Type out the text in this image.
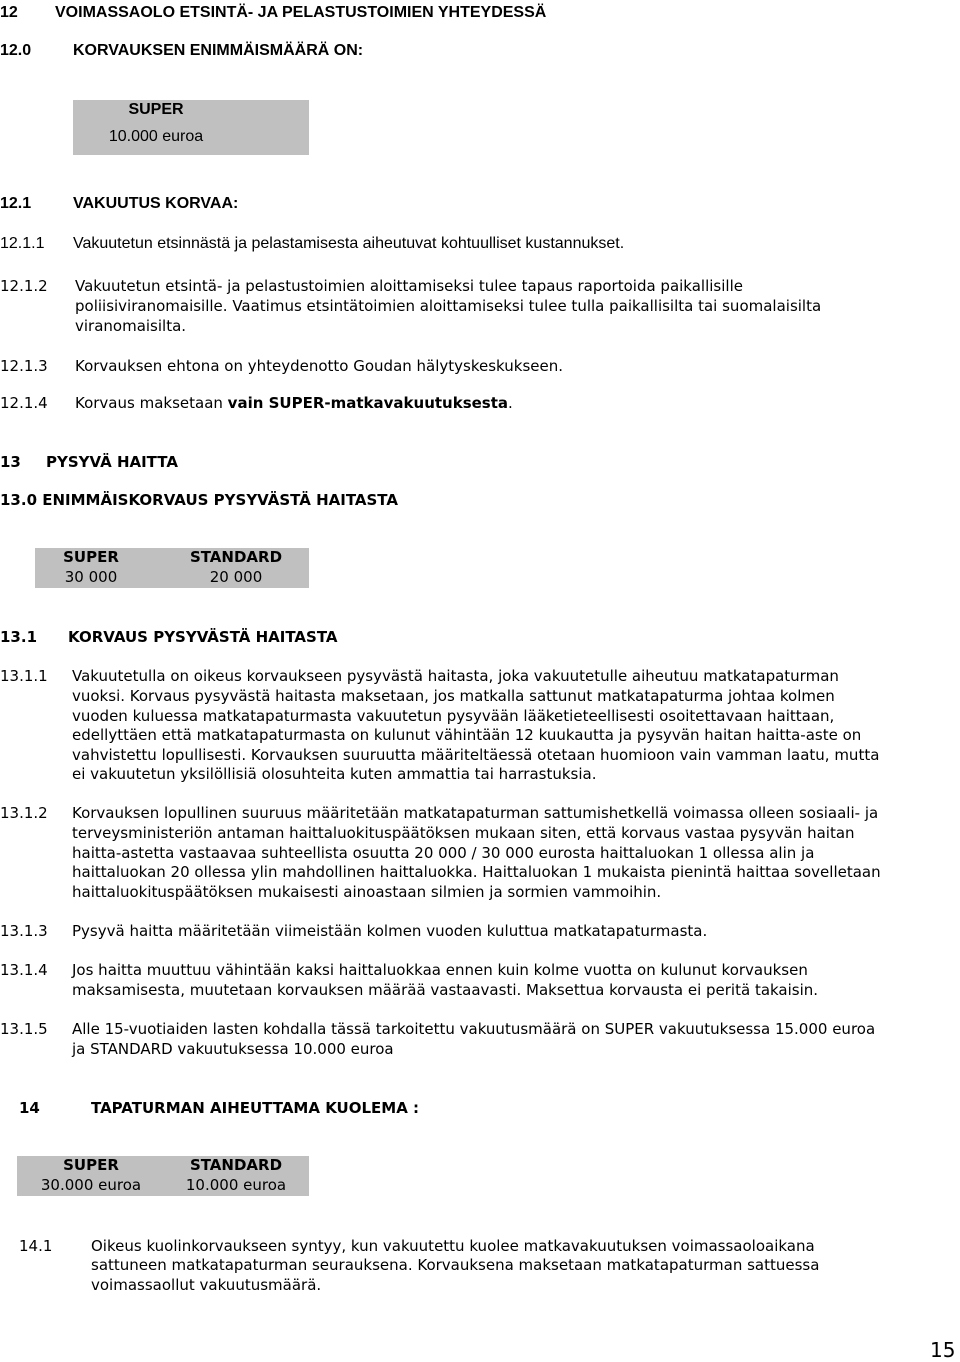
12 VOIMASSAOLO ETSINTÄ- JA PELASTUSTOIMIEN YHTEYDESSÄ
12.0	KORVAUKSEN ENIMMÄISMÄÄRÄ ON:
SUPER
10.000 euroa
12.1	VAKUUTUS KORVAA:
12.1.1 Vakuutetun etsinnästä ja pelastamisesta aiheutuvat kohtuulliset kustannukset.
12.1.2 Vakuutetun etsintä- ja pelastustoimien aloittamiseksi tulee tapaus raportoida paikallisille
poliisiviranomaisille. Vaatimus etsintätoimien aloittamiseksi tulee tulla paikallisilta tai suomalaisilta
viranomaisilta.
12.1.3 Korvauksen ehtona on yhteydenotto Goudan hälytyskeskukseen.
12.1.4 Korvaus maksetaan vain SUPER-matkavakuutuksesta.
13 PYSYVÄ HAITTA
13.0 ENIMMÄISKORVAUS PYSYVÄSTÄ HAITASTA
SUPER	STANDARD
30 000	20 000
13.1 KORVAUS PYSYVÄSTÄ HAITASTA
13.1.1 Vakuutetulla on oikeus korvaukseen pysyvästä haitasta, joka vakuutetulle aiheutuu matkatapaturman
vuoksi. Korvaus pysyvästä haitasta maksetaan, jos matkalla sattunut matkatapaturma johtaa kolmen
vuoden kuluessa matkatapaturmasta vakuutetun pysyvään lääketieteellisesti osoitettavaan haittaan,
edellyttäen että matkatapaturmasta on kulunut vähintään 12 kuukautta ja pysyvän haitan haitta-aste on
vahvistettu lopullisesti. Korvauksen suuruutta määriteltäessä otetaan huomioon vain vamman laatu, mutta
ei vakuutetun yksilöllisiä olosuhteita kuten ammattia tai harrastuksia.
13.1.2 Korvauksen lopullinen suuruus määritetään matkatapaturman sattumishetkellä voimassa olleen sosiaali- ja
terveysministeriön antaman haittaluokituspäätöksen mukaan siten, että korvaus vastaa pysyvän haitan
haitta-astetta vastaavaa suhteellista osuutta 20 000 / 30 000 eurosta haittaluokan 1 ollessa alin ja
haittaluokan 20 ollessa ylin mahdollinen haittaluokka. Haittaluokan 1 mukaista pienintä haittaa sovelletaan
haittaluokituspäätöksen mukaisesti ainoastaan silmien ja sormien vammoihin.
13.1.3 Pysyvä haitta määritetään viimeistään kolmen vuoden kuluttua matkatapaturmasta.
13.1.4 Jos haitta muuttuu vähintään kaksi haittaluokkaa ennen kuin kolme vuotta on kulunut korvauksen
maksamisesta, muutetaan korvauksen määrää vastaavasti. Maksettua korvausta ei peritä takaisin.
13.1.5 Alle 15-vuotiaiden lasten kohdalla tässä tarkoitettu vakuutusmäärä on SUPER vakuutuksessa 15.000 euroa
ja STANDARD vakuutuksessa 10.000 euroa
14	TAPATURMAN AIHEUTTAMA KUOLEMA :
SUPER	STANDARD
30.000 euroa	10.000 euroa
14.1	Oikeus kuolinkorvaukseen syntyy, kun vakuutettu kuolee matkavakuutuksen voimassaoloaikana
sattuneen matkatapaturman seurauksena. Korvauksena maksetaan matkatapaturman sattuessa
voimassaollut vakuutusmäärä.
15
